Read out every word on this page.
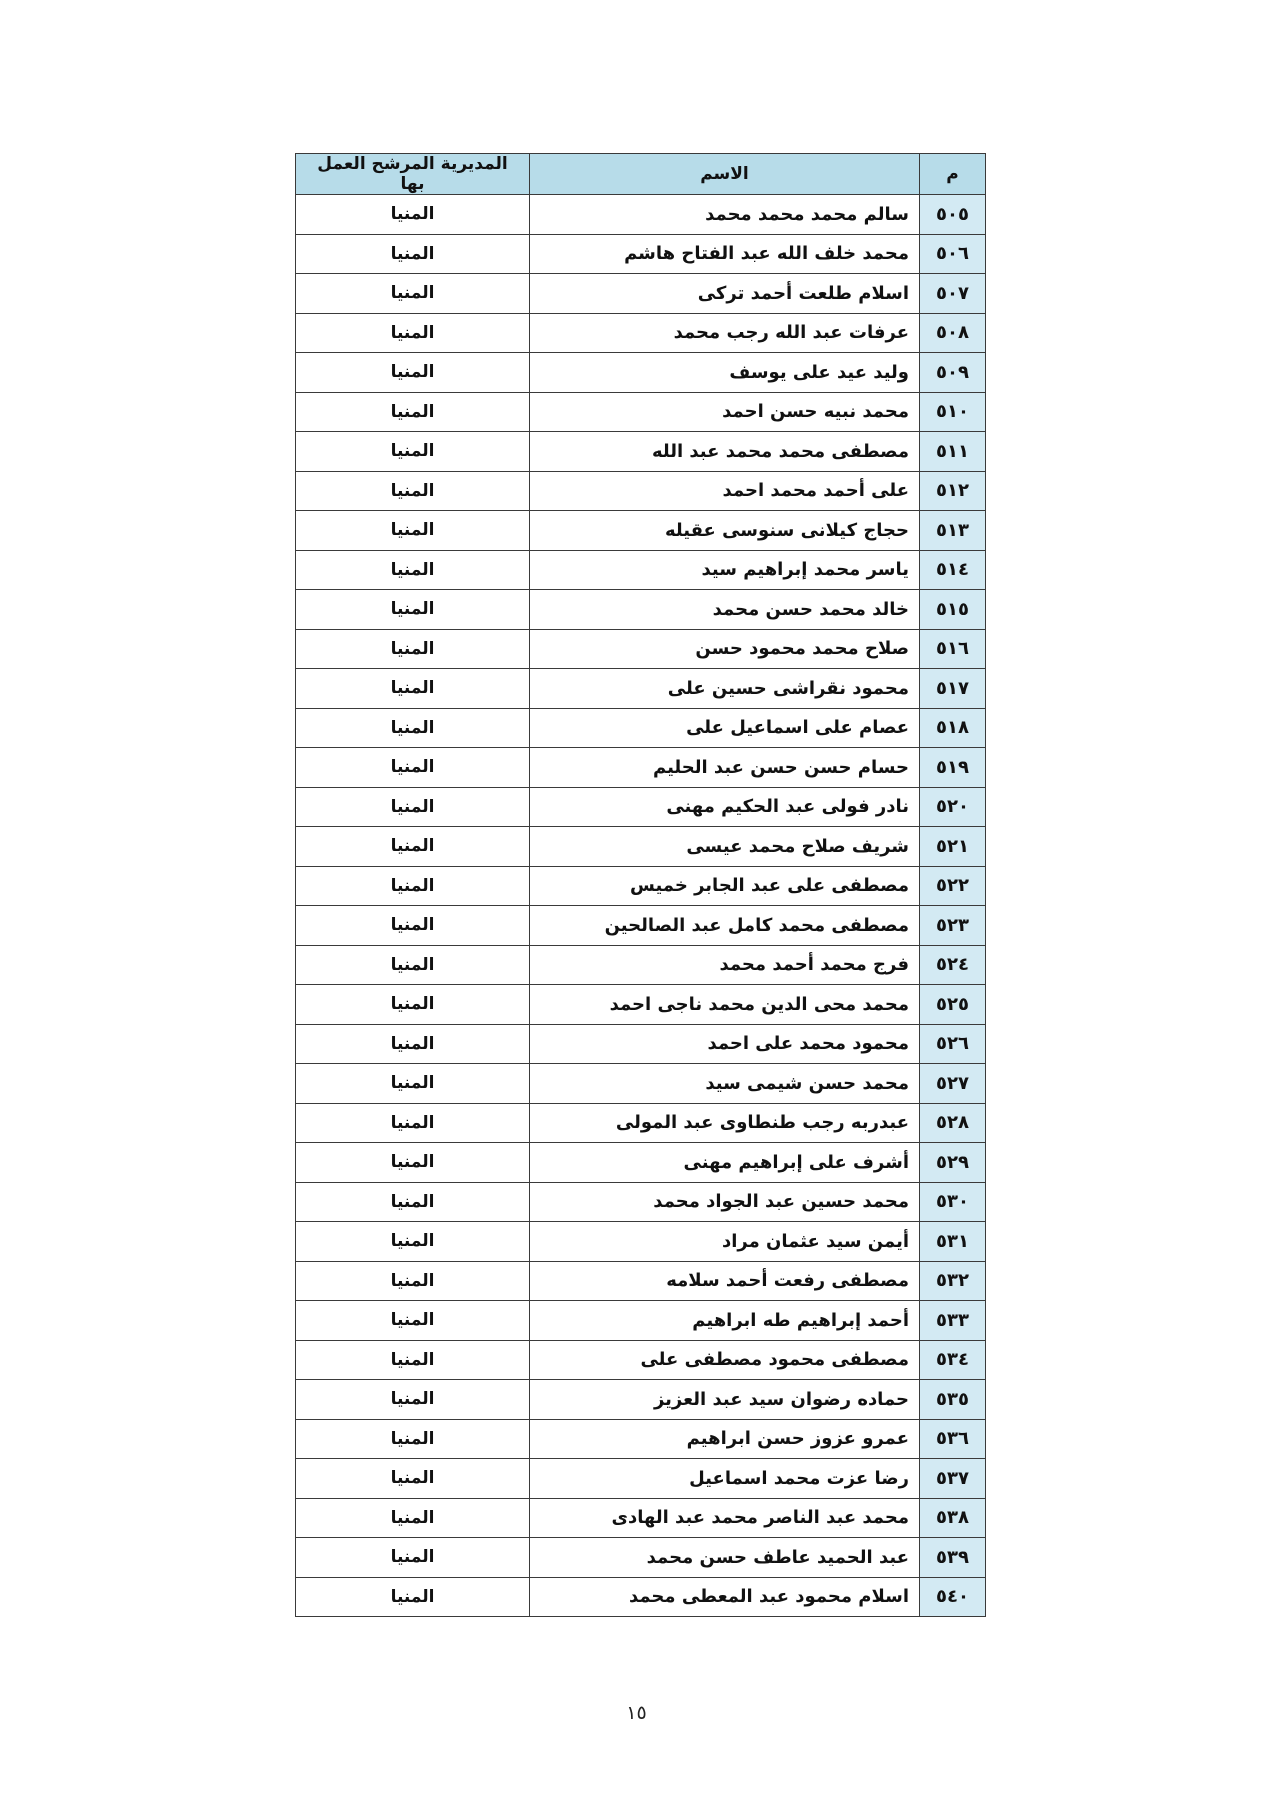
م	الاسم	المديرية المرشح العمل بها
٥٠٥	سالم محمد محمد محمد	المنيا
٥٠٦	محمد خلف الله عبد الفتاح هاشم	المنيا
٥٠٧	اسلام طلعت أحمد تركى	المنيا
٥٠٨	عرفات عبد الله رجب محمد	المنيا
٥٠٩	وليد عيد على يوسف	المنيا
٥١٠	محمد نبيه حسن احمد	المنيا
٥١١	مصطفى محمد محمد عبد الله	المنيا
٥١٢	على أحمد محمد احمد	المنيا
٥١٣	حجاج كيلانى سنوسى عقيله	المنيا
٥١٤	ياسر محمد إبراهيم سيد	المنيا
٥١٥	خالد محمد حسن محمد	المنيا
٥١٦	صلاح محمد محمود حسن	المنيا
٥١٧	محمود نقراشى حسين على	المنيا
٥١٨	عصام على اسماعيل على	المنيا
٥١٩	حسام حسن حسن عبد الحليم	المنيا
٥٢٠	نادر فولى عبد الحكيم مهنى	المنيا
٥٢١	شريف صلاح محمد عيسى	المنيا
٥٢٢	مصطفى على عبد الجابر خميس	المنيا
٥٢٣	مصطفى محمد كامل عبد الصالحين	المنيا
٥٢٤	فرج محمد أحمد محمد	المنيا
٥٢٥	محمد محى الدين محمد ناجى احمد	المنيا
٥٢٦	محمود محمد على احمد	المنيا
٥٢٧	محمد حسن شيمى سيد	المنيا
٥٢٨	عبدربه رجب طنطاوى عبد المولى	المنيا
٥٢٩	أشرف على إبراهيم مهنى	المنيا
٥٣٠	محمد حسين عبد الجواد محمد	المنيا
٥٣١	أيمن سيد عثمان مراد	المنيا
٥٣٢	مصطفى رفعت أحمد سلامه	المنيا
٥٣٣	أحمد إبراهيم طه ابراهيم	المنيا
٥٣٤	مصطفى محمود مصطفى على	المنيا
٥٣٥	حماده رضوان سيد عبد العزيز	المنيا
٥٣٦	عمرو عزوز حسن ابراهيم	المنيا
٥٣٧	رضا عزت محمد اسماعيل	المنيا
٥٣٨	محمد عبد الناصر محمد عبد الهادى	المنيا
٥٣٩	عبد الحميد عاطف حسن محمد	المنيا
٥٤٠	اسلام محمود عبد المعطى محمد	المنيا
١٥
